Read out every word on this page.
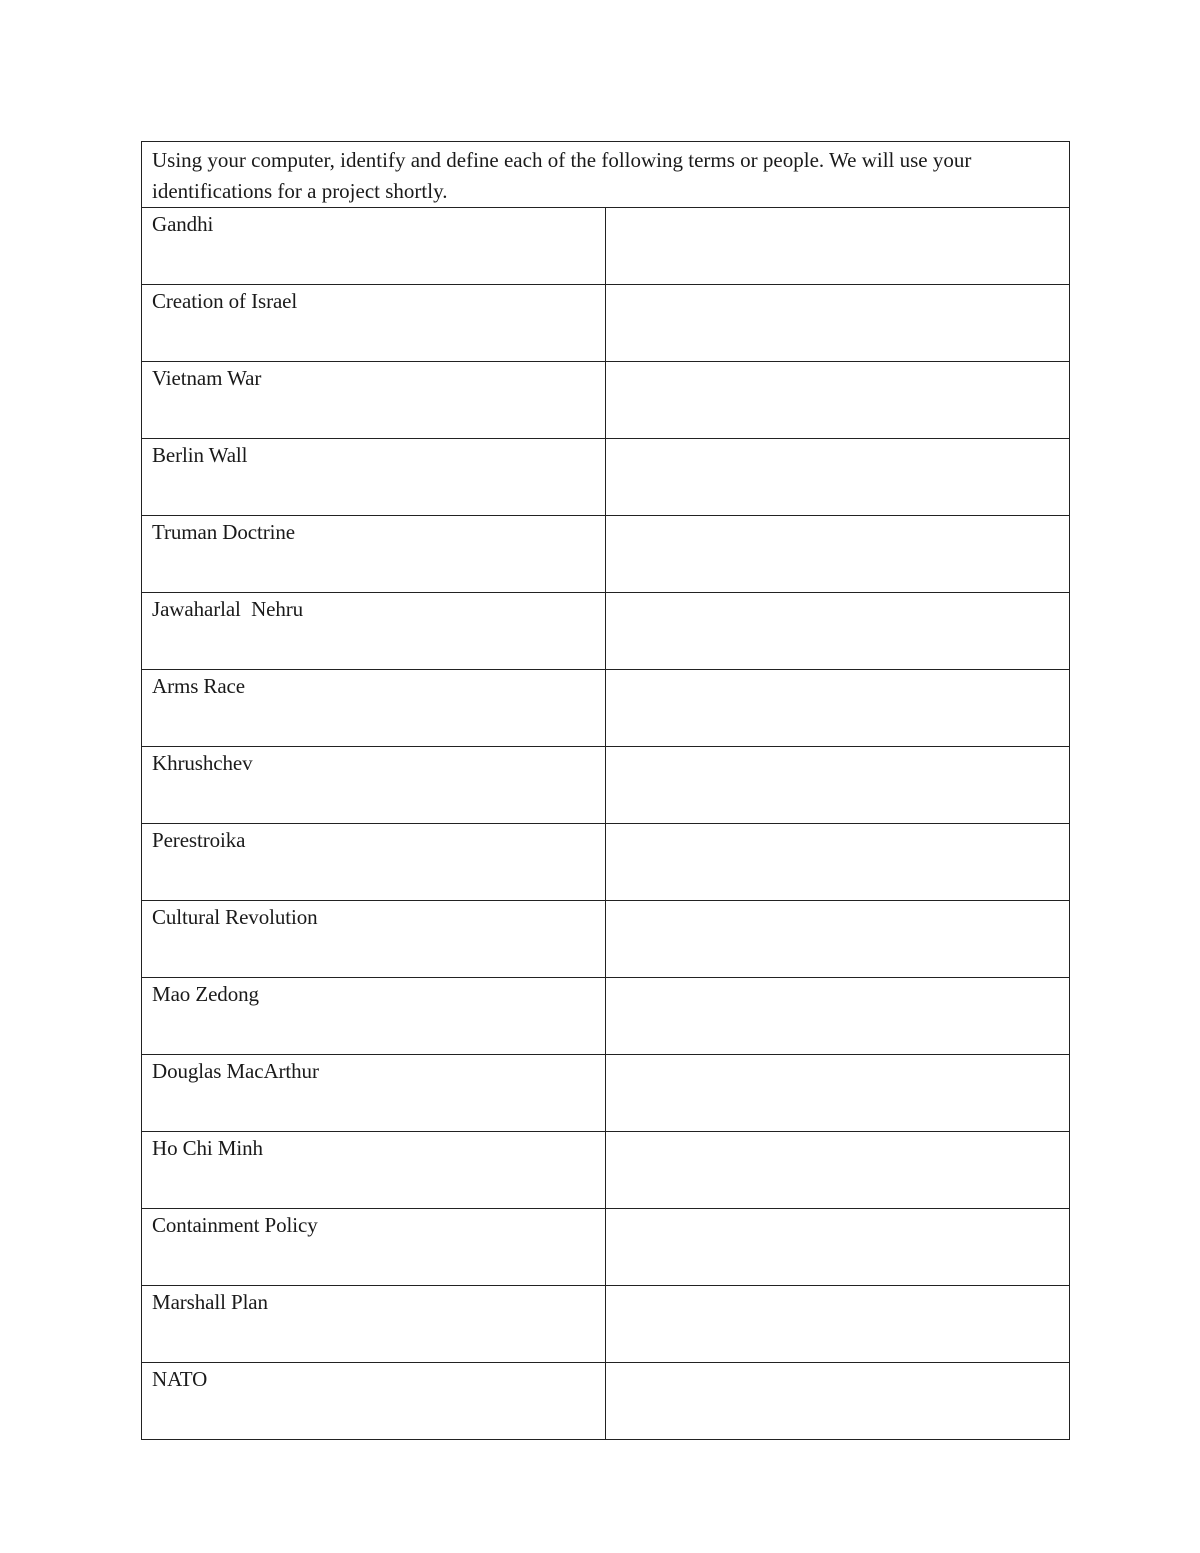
Using your computer, identify and define each of the following terms or people. We will use your identifications for a project shortly.	
Gandhi	
Creation of Israel	
Vietnam War	
Berlin Wall	
Truman Doctrine	
Jawaharlal  Nehru	
Arms Race	
Khrushchev	
Perestroika	
Cultural Revolution	
Mao Zedong	
Douglas MacArthur	
Ho Chi Minh	
Containment Policy	
Marshall Plan	
NATO	
